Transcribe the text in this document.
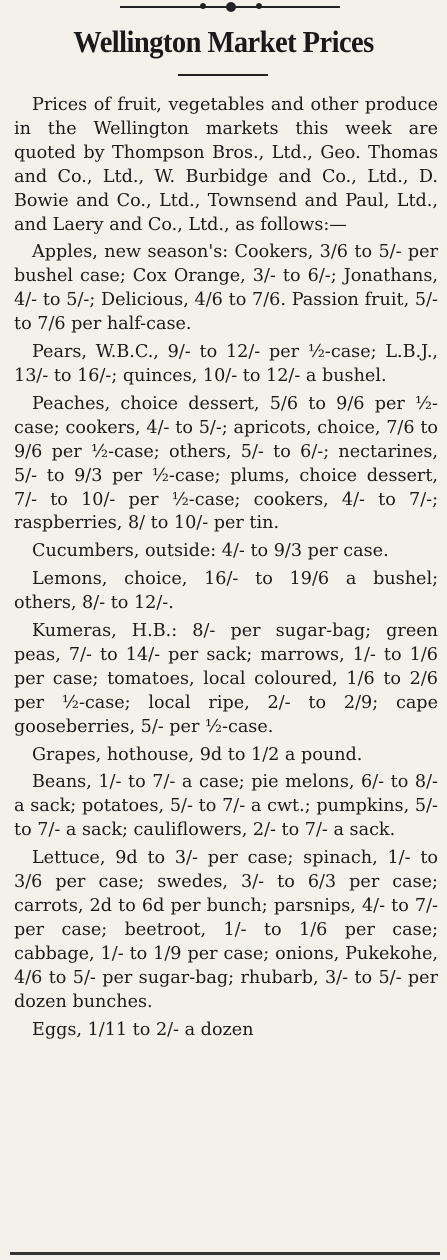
Wellington Market Prices

Prices of fruit, vegetables and other produce in the Wellington markets this week are quoted by Thompson Bros., Ltd., Geo. Thomas and Co., Ltd., W. Burbidge and Co., Ltd., D. Bowie and Co., Ltd., Townsend and Paul, Ltd., and Laery and Co., Ltd., as follows:—

Apples, new season's: Cookers, 3/6 to 5/- per bushel case; Cox Orange, 3/- to 6/-; Jonathans, 4/- to 5/-; Delicious, 4/6 to 7/6. Passion fruit, 5/- to 7/6 per half-case.

Pears, W.B.C., 9/- to 12/- per ½-case; L.B.J., 13/- to 16/-; quinces, 10/- to 12/- a bushel.

Peaches, choice dessert, 5/6 to 9/6 per ½-case; cookers, 4/- to 5/-; apricots, choice, 7/6 to 9/6 per ½-case; others, 5/- to 6/-; nectarines, 5/- to 9/3 per ½-case; plums, choice dessert, 7/- to 10/- per ½-case; cookers, 4/- to 7/-; raspberries, 8/ to 10/- per tin.

Cucumbers, outside: 4/- to 9/3 per case.

Lemons, choice, 16/- to 19/6 a bushel; others, 8/- to 12/-.

Kumeras, H.B.: 8/- per sugar-bag; green peas, 7/- to 14/- per sack; marrows, 1/- to 1/6 per case; tomatoes, local coloured, 1/6 to 2/6 per ½-case; local ripe, 2/- to 2/9; cape gooseberries, 5/- per ½-case.

Grapes, hothouse, 9d to 1/2 a pound.

Beans, 1/- to 7/- a case; pie melons, 6/- to 8/- a sack; potatoes, 5/- to 7/- a cwt.; pumpkins, 5/- to 7/- a sack; cauliflowers, 2/- to 7/- a sack.

Lettuce, 9d to 3/- per case; spinach, 1/- to 3/6 per case; swedes, 3/- to 6/3 per case; carrots, 2d to 6d per bunch; parsnips, 4/- to 7/- per case; beetroot, 1/- to 1/6 per case; cabbage, 1/- to 1/9 per case; onions, Pukekohe, 4/6 to 5/- per sugar-bag; rhubarb, 3/- to 5/- per dozen bunches.

Eggs, 1/11 to 2/- a dozen
